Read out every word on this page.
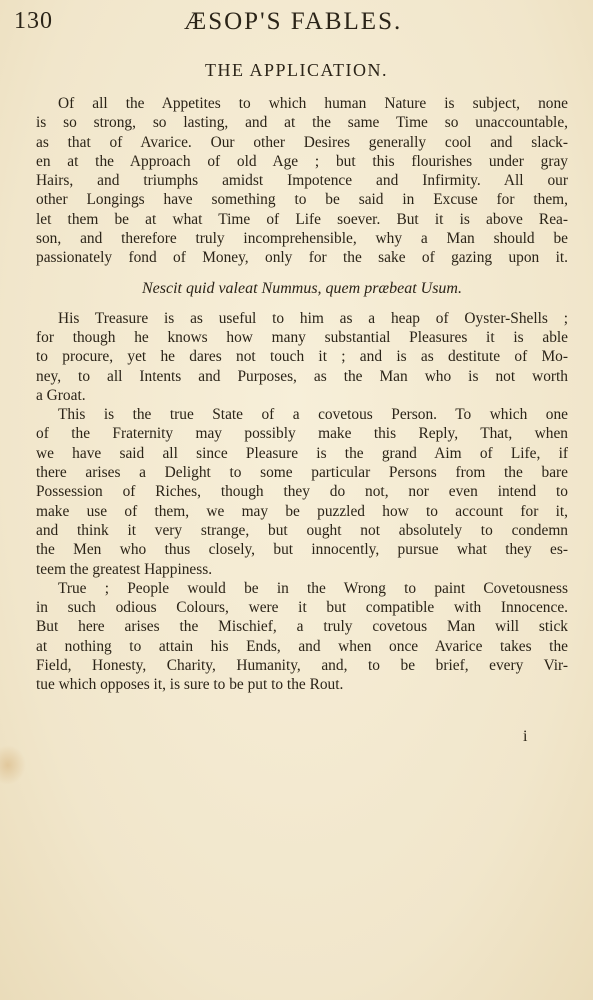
130	ÆSOP'S FABLES.
THE APPLICATION.
Of all the Appetites to which human Nature is subject, none
is so strong, so lasting, and at the same Time so unaccountable,
as that of Avarice. Our other Desires generally cool and slack-
en at the Approach of old Age ; but this flourishes under gray
Hairs, and triumphs amidst Impotence and Infirmity. All our
other Longings have something to be said in Excuse for them,
let them be at what Time of Life soever. But it is above Rea-
son, and therefore truly incomprehensible, why a Man should be
passionately fond of Money, only for the sake of gazing upon it.
Nescit quid valeat Nummus, quem præbeat Usum.
His Treasure is as useful to him as a heap of Oyster-Shells ;
for though he knows how many substantial Pleasures it is able
to procure, yet he dares not touch it ; and is as destitute of Mo-
ney, to all Intents and Purposes, as the Man who is not worth
a Groat.
This is the true State of a covetous Person. To which one
of the Fraternity may possibly make this Reply, That, when
we have said all since Pleasure is the grand Aim of Life, if
there arises a Delight to some particular Persons from the bare
Possession of Riches, though they do not, nor even intend to
make use of them, we may be puzzled how to account for it,
and think it very strange, but ought not absolutely to condemn
the Men who thus closely, but innocently, pursue what they es-
teem the greatest Happiness.
True ; People would be in the Wrong to paint Covetousness
in such odious Colours, were it but compatible with Innocence.
But here arises the Mischief, a truly covetous Man will stick
at nothing to attain his Ends, and when once Avarice takes the
Field, Honesty, Charity, Humanity, and, to be brief, every Vir-
tue which opposes it, is sure to be put to the Rout.
i
